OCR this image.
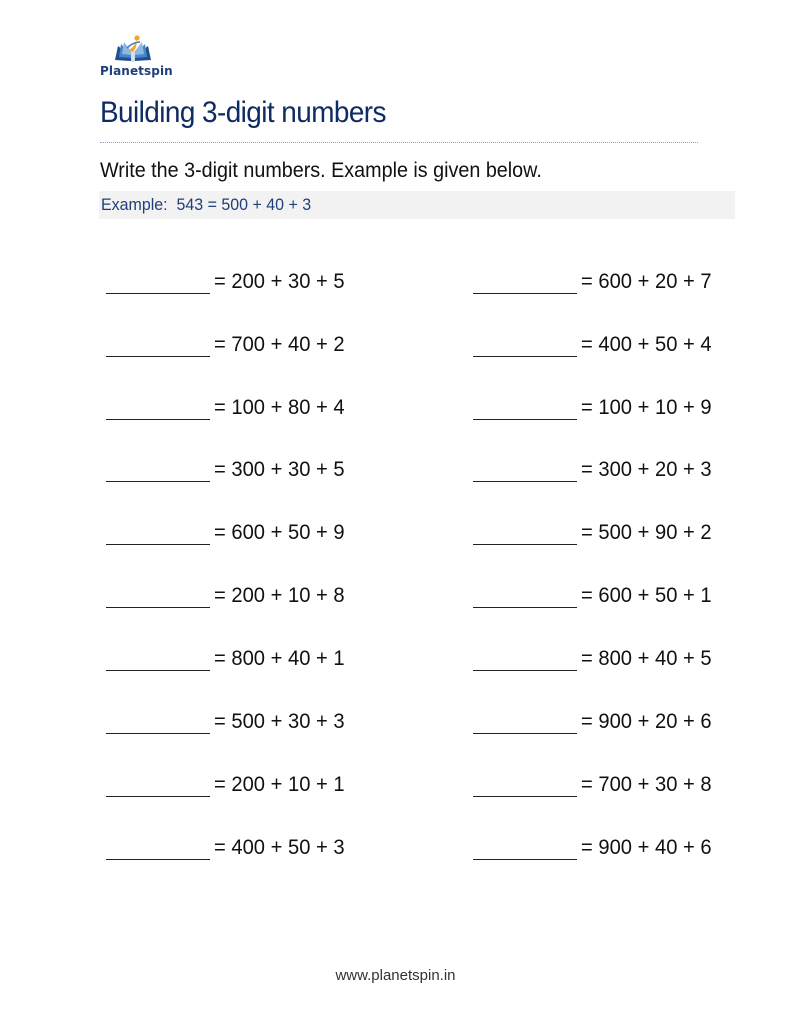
Planetspin
Building 3-digit numbers
Write the 3-digit numbers. Example is given below.
Example:  543 = 500 + 40 + 3
= 200 + 30 + 5
= 700 + 40 + 2
= 100 + 80 + 4
= 300 + 30 + 5
= 600 + 50 + 9
= 200 + 10 + 8
= 800 + 40 + 1
= 500 + 30 + 3
= 200 + 10 + 1
= 400 + 50 + 3
= 600 + 20 + 7
= 400 + 50 + 4
= 100 + 10 + 9
= 300 + 20 + 3
= 500 + 90 + 2
= 600 + 50 + 1
= 800 + 40 + 5
= 900 + 20 + 6
= 700 + 30 + 8
= 900 + 40 + 6
www.planetspin.in
